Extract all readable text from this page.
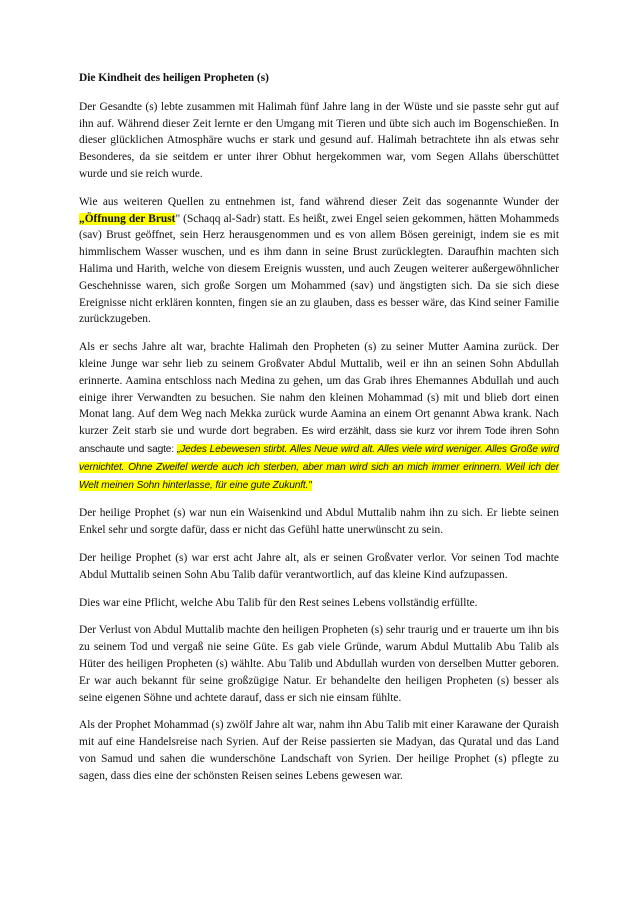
Die Kindheit des heiligen Propheten (s)

Der Gesandte (s) lebte zusammen mit Halimah fünf Jahre lang in der Wüste und sie passte sehr gut auf ihn auf. Während dieser Zeit lernte er den Umgang mit Tieren und übte sich auch im Bogenschießen. In dieser glücklichen Atmosphäre wuchs er stark und gesund auf. Halimah betrachtete ihn als etwas sehr Besonderes, da sie seitdem er unter ihrer Obhut hergekommen war, vom Segen Allahs überschüttet wurde und sie reich wurde.

Wie aus weiteren Quellen zu entnehmen ist, fand während dieser Zeit das sogenannte Wunder der „Öffnung der Brust" (Schaqq al-Sadr) statt. Es heißt, zwei Engel seien gekommen, hätten Mohammeds (sav) Brust geöffnet, sein Herz herausgenommen und es von allem Bösen gereinigt, indem sie es mit himmlischem Wasser wuschen, und es ihm dann in seine Brust zurücklegten. Daraufhin machten sich Halima und Harith, welche von diesem Ereignis wussten, und auch Zeugen weiterer außergewöhnlicher Geschehnisse waren, sich große Sorgen um Mohammed (sav) und ängstigten sich. Da sie sich diese Ereignisse nicht erklären konnten, fingen sie an zu glauben, dass es besser wäre, das Kind seiner Familie zurückzugeben.

Als er sechs Jahre alt war, brachte Halimah den Propheten (s) zu seiner Mutter Aamina zurück. Der kleine Junge war sehr lieb zu seinem Großvater Abdul Muttalib, weil er ihn an seinen Sohn Abdullah erinnerte. Aamina entschloss nach Medina zu gehen, um das Grab ihres Ehemannes Abdullah und auch einige ihrer Verwandten zu besuchen. Sie nahm den kleinen Mohammad (s) mit und blieb dort einen Monat lang. Auf dem Weg nach Mekka zurück wurde Aamina an einem Ort genannt Abwa krank. Nach kurzer Zeit starb sie und wurde dort begraben. Es wird erzählt, dass sie kurz vor ihrem Tode ihren Sohn anschaute und sagte: „Jedes Lebewesen stirbt. Alles Neue wird alt. Alles viele wird weniger. Alles Große wird vernichtet. Ohne Zweifel werde auch ich sterben, aber man wird sich an mich immer erinnern. Weil ich der Welt meinen Sohn hinterlasse, für eine gute Zukunft."

Der heilige Prophet (s) war nun ein Waisenkind und Abdul Muttalib nahm ihn zu sich. Er liebte seinen Enkel sehr und sorgte dafür, dass er nicht das Gefühl hatte unerwünscht zu sein.

Der heilige Prophet (s) war erst acht Jahre alt, als er seinen Großvater verlor. Vor seinen Tod machte Abdul Muttalib seinen Sohn Abu Talib dafür verantwortlich, auf das kleine Kind aufzupassen.

Dies war eine Pflicht, welche Abu Talib für den Rest seines Lebens vollständig erfüllte.

Der Verlust von Abdul Muttalib machte den heiligen Propheten (s) sehr traurig und er trauerte um ihn bis zu seinem Tod und vergaß nie seine Güte. Es gab viele Gründe, warum Abdul Muttalib Abu Talib als Hüter des heiligen Propheten (s) wählte. Abu Talib und Abdullah wurden von derselben Mutter geboren. Er war auch bekannt für seine großzügige Natur. Er behandelte den heiligen Propheten (s) besser als seine eigenen Söhne und achtete darauf, dass er sich nie einsam fühlte.

Als der Prophet Mohammad (s) zwölf Jahre alt war, nahm ihn Abu Talib mit einer Karawane der Quraish mit auf eine Handelsreise nach Syrien. Auf der Reise passierten sie Madyan, das Quratal und das Land von Samud und sahen die wunderschöne Landschaft von Syrien. Der heilige Prophet (s) pflegte zu sagen, dass dies eine der schönsten Reisen seines Lebens gewesen war.
